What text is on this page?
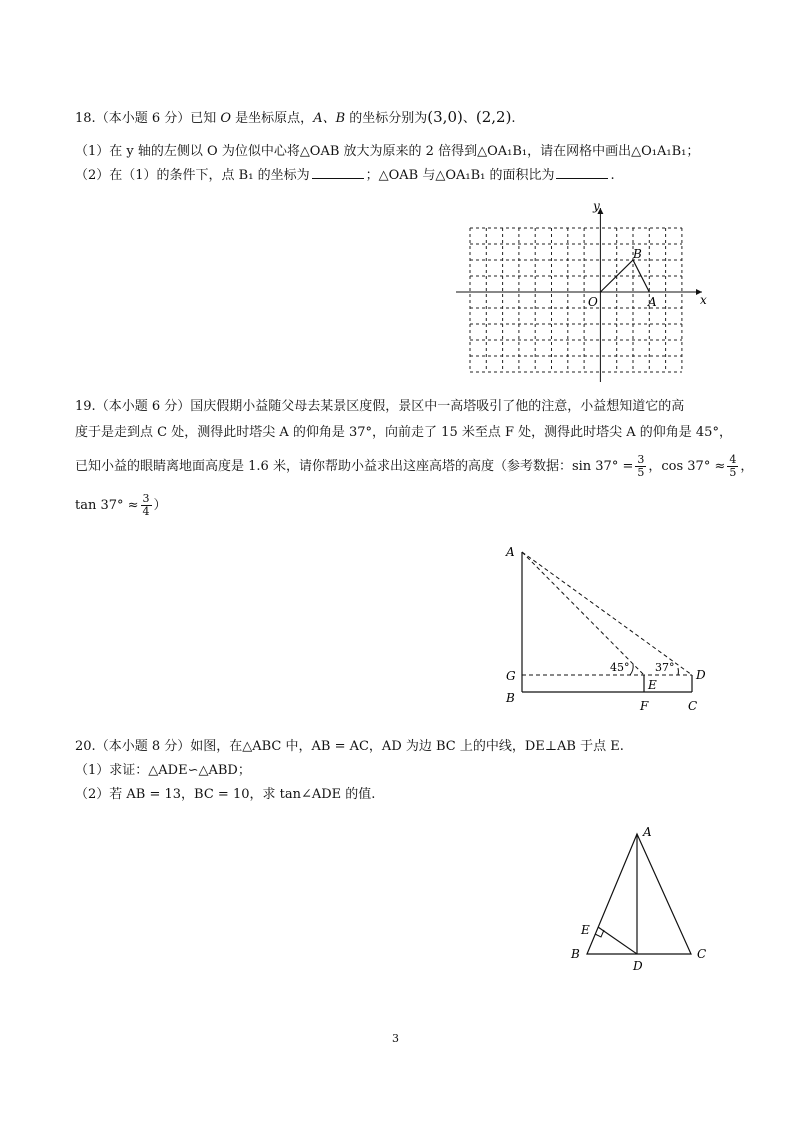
18.（本小题 6 分）已知 O 是坐标原点，A、B 的坐标分别为(3,0)、(2,2).
（1）在 y 轴的左侧以 O 为位似中心将△OAB 放大为原来的 2 倍得到△OA₁B₁，请在网格中画出△O₁A₁B₁；
（2）在（1）的条件下，点 B₁ 的坐标为	；△OAB 与△OA₁B₁ 的面积比为	.
y
x
O	A
B
19.（本小题 6 分）国庆假期小益随父母去某景区度假，景区中一高塔吸引了他的注意，小益想知道它的高
度于是走到点 C 处，测得此时塔尖 A 的仰角是 37°，向前走了 15 米至点 F 处，测得此时塔尖 A 的仰角是 45°，
已知小益的眼睛离地面高度是 1.6 米，请你帮助小益求出这座高塔的高度（参考数据：$\sin 37^\circ = \frac{3}{5}$ ，$\cos 37^\circ \approx \frac{4}{5}$ ，
$\tan 37^\circ \approx \frac{3}{4}$ ）
A
G
B
E
F	C
D
45° 37°
20.（本小题 8 分）如图，在△ABC 中，AB = AC，AD 为边 BC 上的中线，DE⊥AB 于点 E.
（1）求证：△ADE∽△ABD；
（2）若 AB = 13，BC = 10，求 tan∠ADE 的值.
A
B	C
D
E
3
